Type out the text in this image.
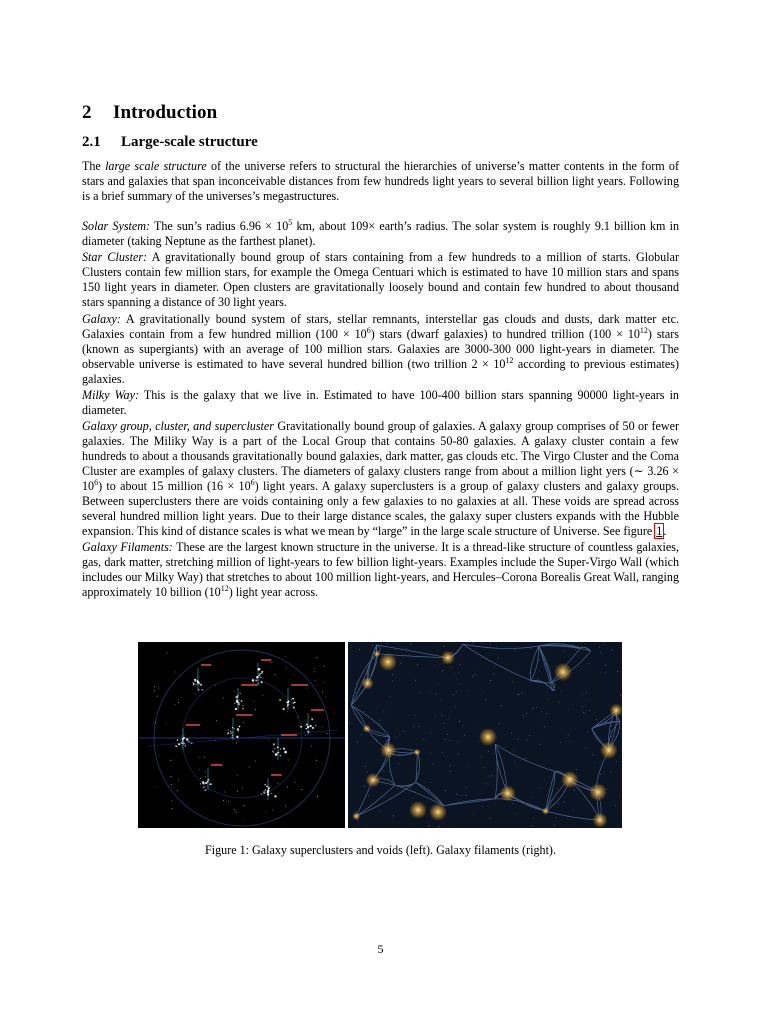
2 Introduction
2.1 Large-scale structure

The large scale structure of the universe refers to structural the hierarchies of universe’s matter contents in the form of stars and galaxies that span inconceivable distances from few hundreds light years to several billion light years. Following is a brief summary of the universes’s megastructures.

Solar System: The sun’s radius $6.96 \times 10^5$ km, about 109× earth’s radius. The solar system is roughly 9.1 billion km in diameter (taking Neptune as the farthest planet).

Star Cluster: A gravitationally bound group of stars containing from a few hundreds to a million of starts. Globular Clusters contain few million stars, for example the Omega Centuari which is estimated to have 10 million stars and spans 150 light years in diameter. Open clusters are gravitationally loosely bound and contain few hundred to about thousand stars spanning a distance of 30 light years.

Galaxy: A gravitationally bound system of stars, stellar remnants, interstellar gas clouds and dusts, dark matter etc. Galaxies contain from a few hundred million $(100 \times 10^6)$ stars (dwarf galaxies) to hundred trillion $(100 \times 10^{12})$ stars (known as supergiants) with an average of 100 million stars. Galaxies are 3000-300 000 light-years in diameter. The observable universe is estimated to have several hundred billion (two trillion $2 \times 10^{12}$ according to previous estimates) galaxies.

Milky Way: This is the galaxy that we live in. Estimated to have 100-400 billion stars spanning 90000 light-years in diameter.

Galaxy group, cluster, and supercluster Gravitationally bound group of galaxies. A galaxy group comprises of 50 or fewer galaxies. The Miliky Way is a part of the Local Group that contains 50-80 galaxies. A galaxy cluster contain a few hundreds to about a thousands gravitationally bound galaxies, dark matter, gas clouds etc. The Virgo Cluster and the Coma Cluster are examples of galaxy clusters. The diameters of galaxy clusters range from about a million light yers (∼ $3.26 \times 10^6$) to about 15 million $(16 \times 10^6)$ light years. A galaxy superclusters is a group of galaxy clusters and galaxy groups. Between superclusters there are voids containing only a few galaxies to no galaxies at all. These voids are spread across several hundred million light years. Due to their large distance scales, the galaxy super clusters expands with the Hubble expansion. This kind of distance scales is what we mean by “large” in the large scale structure of Universe. See figure 1.

Galaxy Filaments: These are the largest known structure in the universe. It is a thread-like structure of countless galaxies, gas, dark matter, stretching million of light-years to few billion light-years. Examples include the Super-Virgo Wall (which includes our Milky Way) that stretches to about 100 million light-years, and Hercules–Corona Borealis Great Wall, ranging approximately 10 billion $(10^{12})$ light year across.

Figure 1: Galaxy superclusters and voids (left). Galaxy filaments (right).
5
